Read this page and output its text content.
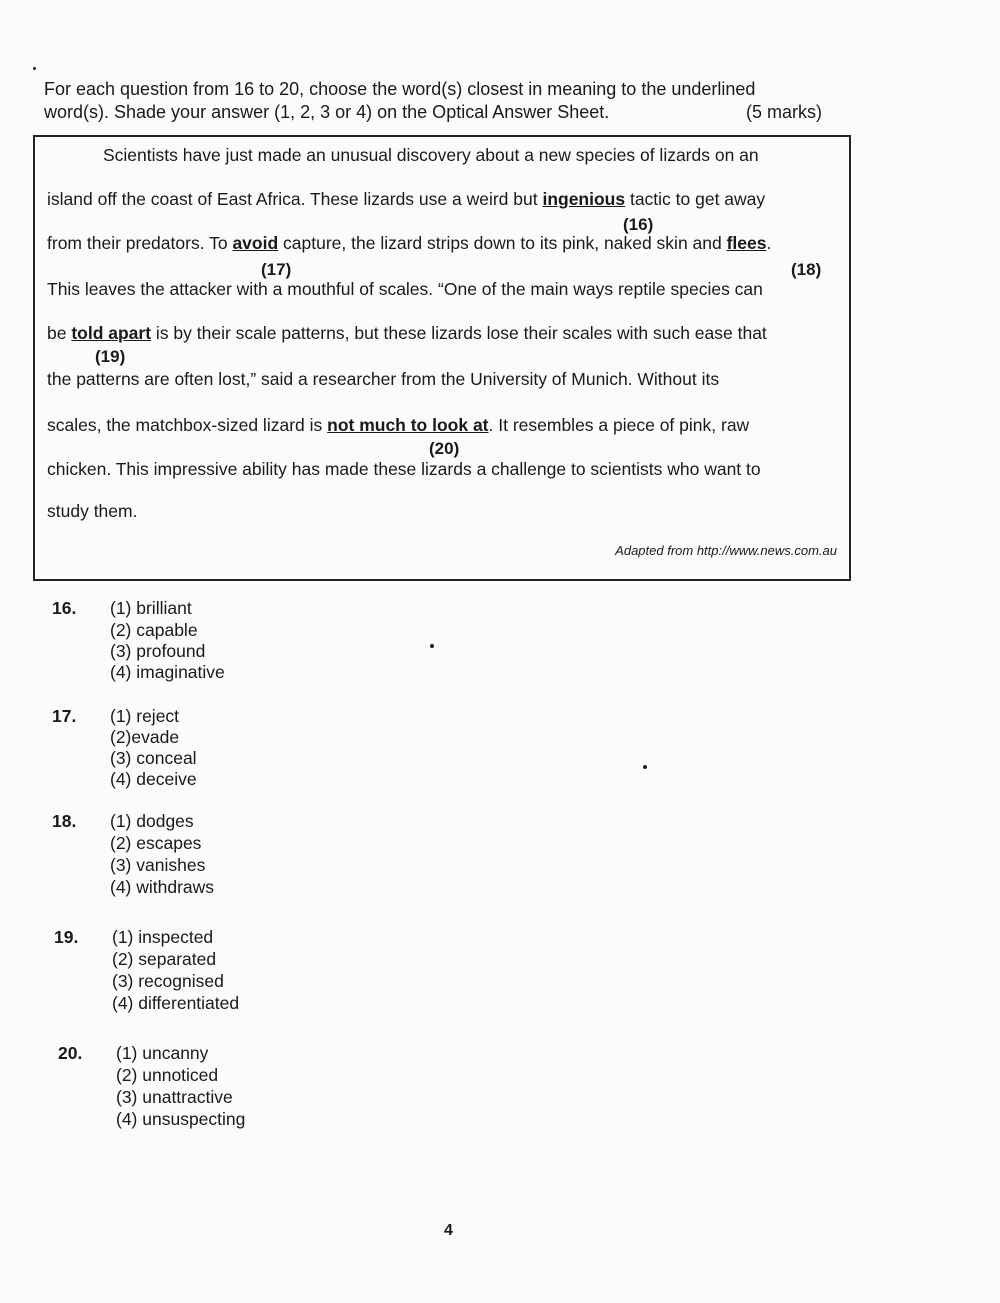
For each question from 16 to 20, choose the word(s) closest in meaning to the underlined
word(s). Shade your answer (1, 2, 3 or 4) on the Optical Answer Sheet.	(5 marks)
Scientists have just made an unusual discovery about a new species of lizards on an
island off the coast of East Africa. These lizards use a weird but ingenious tactic to get away
(16)
from their predators. To avoid capture, the lizard strips down to its pink, naked skin and flees.
(17)	(18)
This leaves the attacker with a mouthful of scales. “One of the main ways reptile species can
be told apart is by their scale patterns, but these lizards lose their scales with such ease that
(19)
the patterns are often lost,” said a researcher from the University of Munich. Without its
scales, the matchbox-sized lizard is not much to look at. It resembles a piece of pink, raw
(20)
chicken. This impressive ability has made these lizards a challenge to scientists who want to
study them.
Adapted from http://www.news.com.au
16. (1) brilliant
(2) capable
(3) profound
(4) imaginative
17. (1) reject
(2)evade
(3) conceal
(4) deceive
18. (1) dodges
(2) escapes
(3) vanishes
(4) withdraws
19. (1) inspected
(2) separated
(3) recognised
(4) differentiated
20. (1) uncanny
(2) unnoticed
(3) unattractive
(4) unsuspecting
4
